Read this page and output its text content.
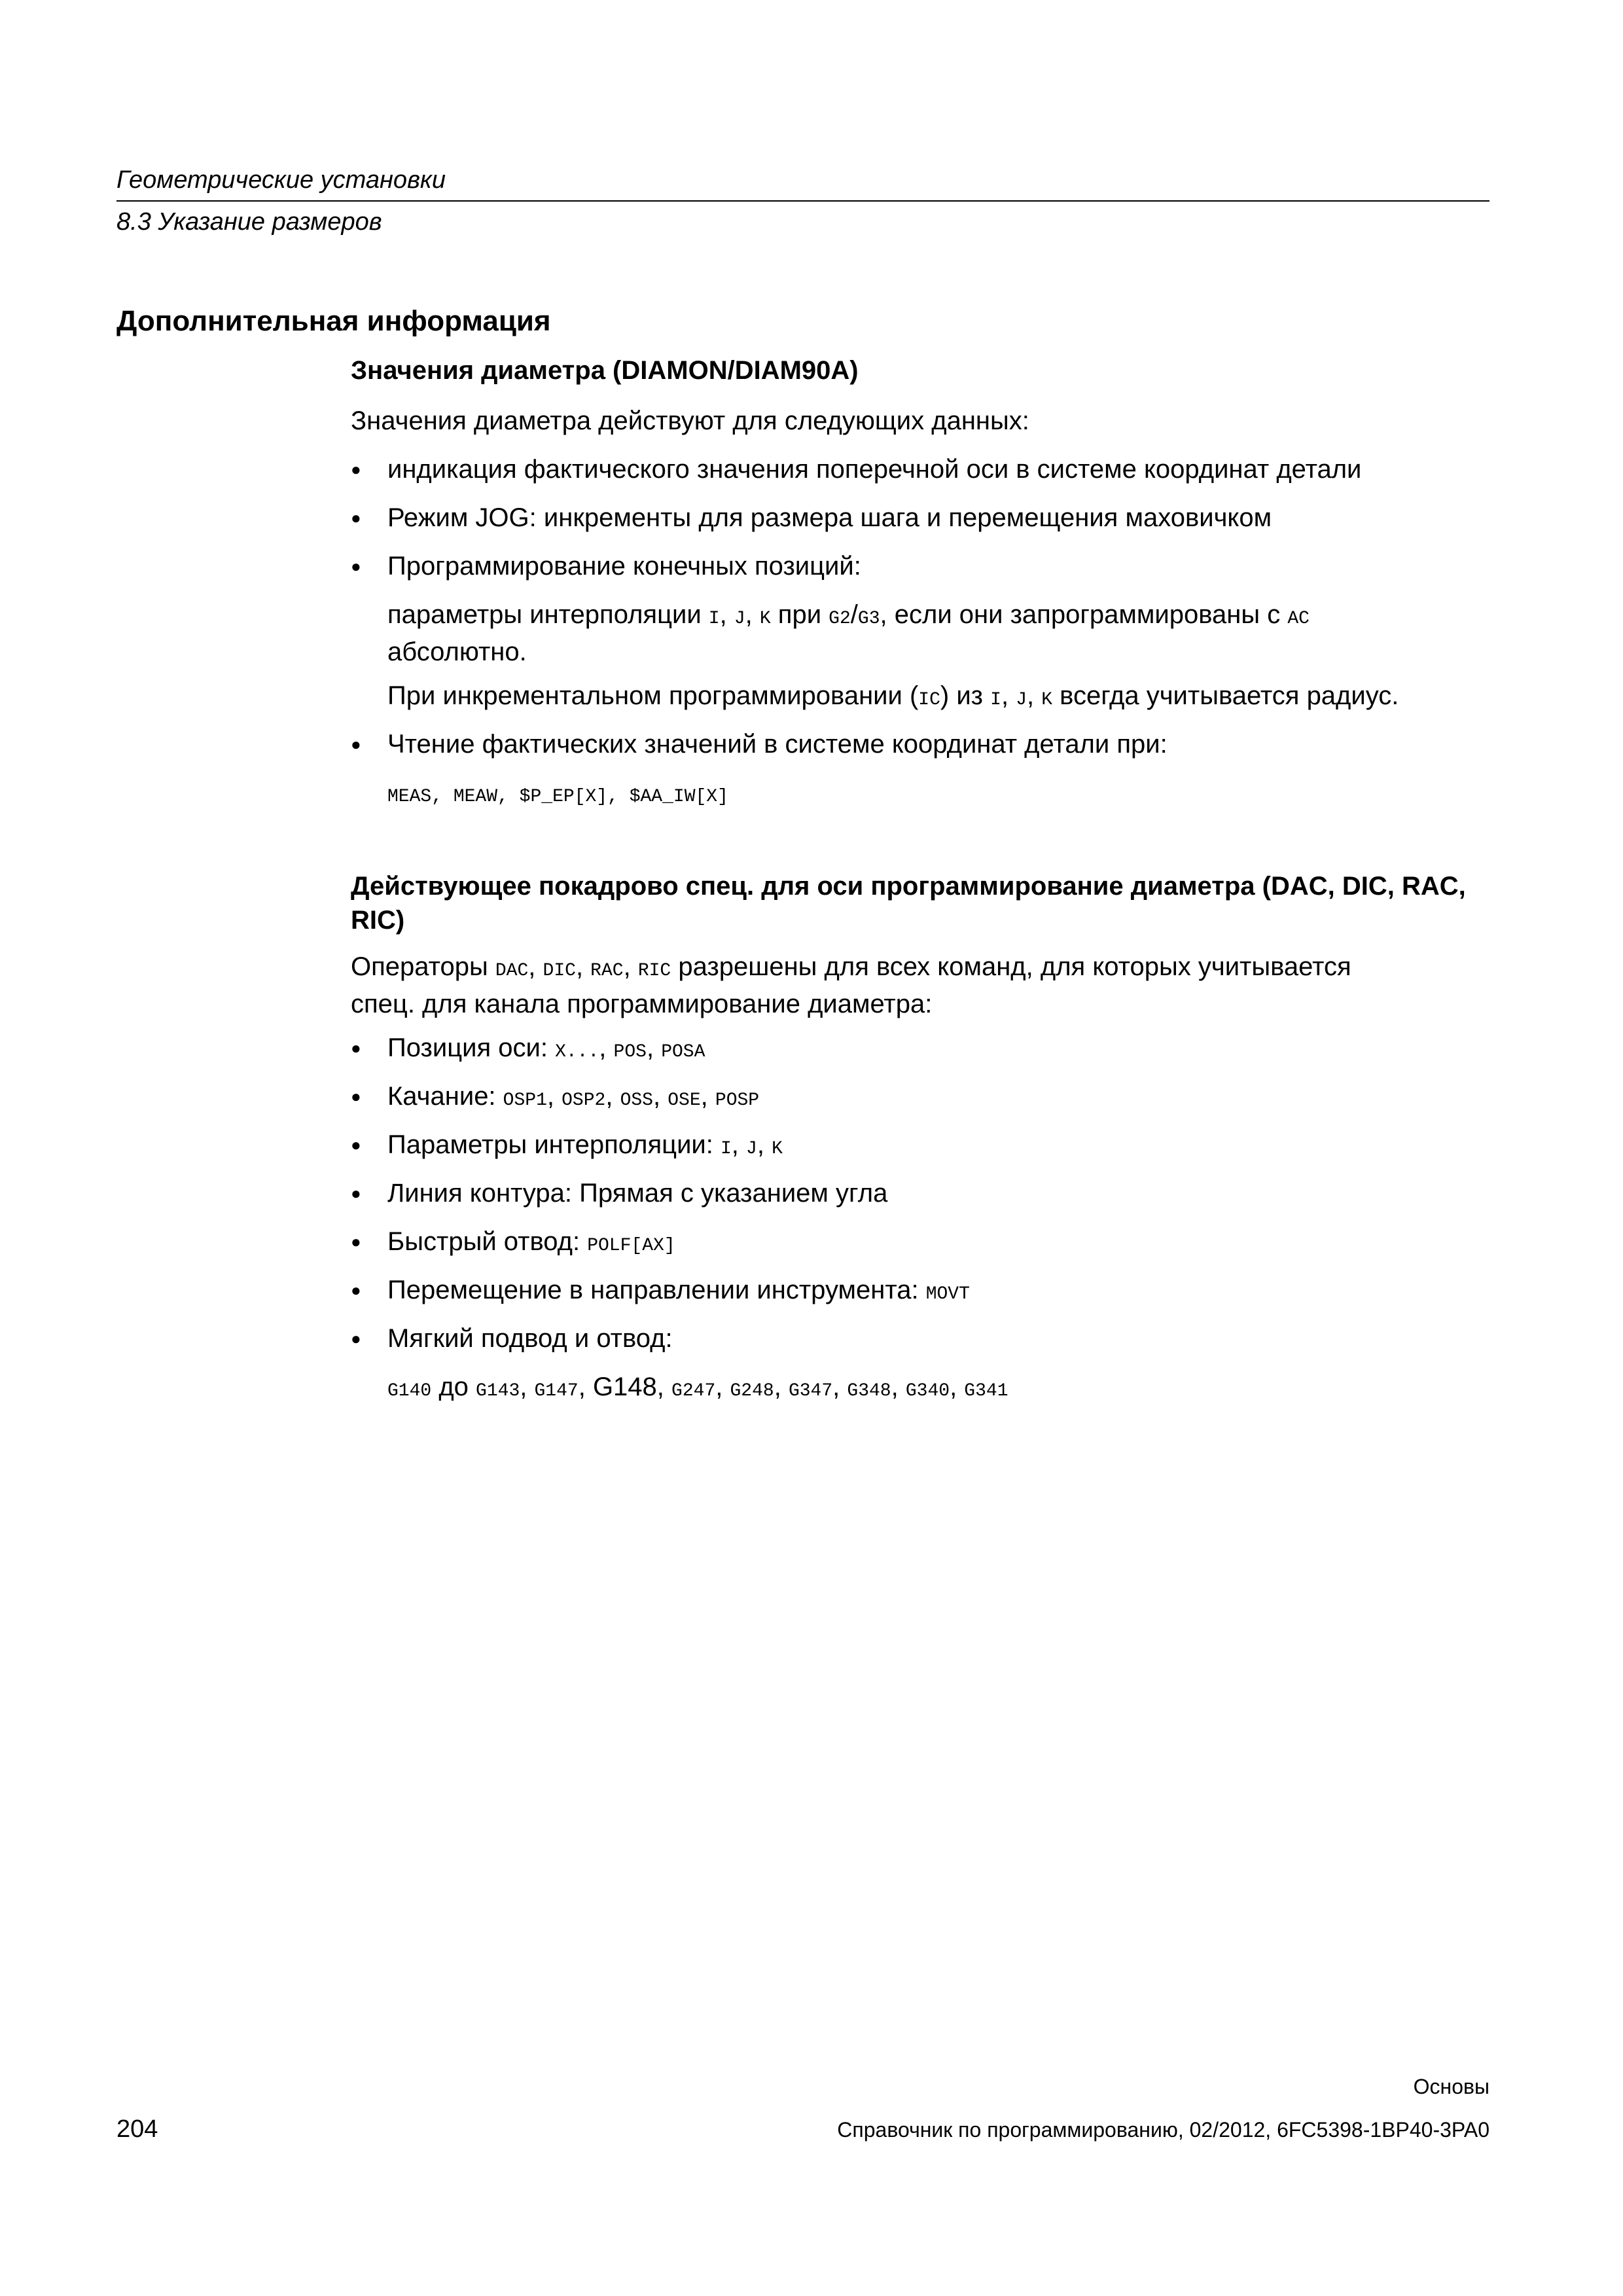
Геометрические установки
8.3 Указание размеров
Дополнительная информация
Значения диаметра (DIAMON/DIAM90A)
Значения диаметра действуют для следующих данных:
●индикация фактического значения поперечной оси в системе координат детали
●Режим JOG: инкременты для размера шага и перемещения маховичком
●Программирование конечных позиций:
параметры интерполяции I, J, K при G2/G3, если они запрограммированы с AC
абсолютно.
При инкрементальном программировании (IC) из I, J, K всегда учитывается радиус.
●Чтение фактических значений в системе координат детали при:
MEAS, MEAW, $P_EP[X], $AA_IW[X]
Действующее покадрово спец. для оси программирование диаметра (DAC, DIC, RAC, RIC)
Операторы DAC, DIC, RAC, RIC разрешены для всех команд, для которых учитывается
спец. для канала программирование диаметра:
●Позиция оси: X..., POS, POSA
●Качание: OSP1, OSP2, OSS, OSE, POSP
●Параметры интерполяции: I, J, K
●Линия контура: Прямая с указанием угла
●Быстрый отвод: POLF[AX]
●Перемещение в направлении инструмента: MOVT
●Мягкий подвод и отвод:
G140 до G143, G147, G148, G247, G248, G347, G348, G340, G341
Основы
204	Справочник по программированию, 02/2012, 6FC5398-1BP40-3PA0
